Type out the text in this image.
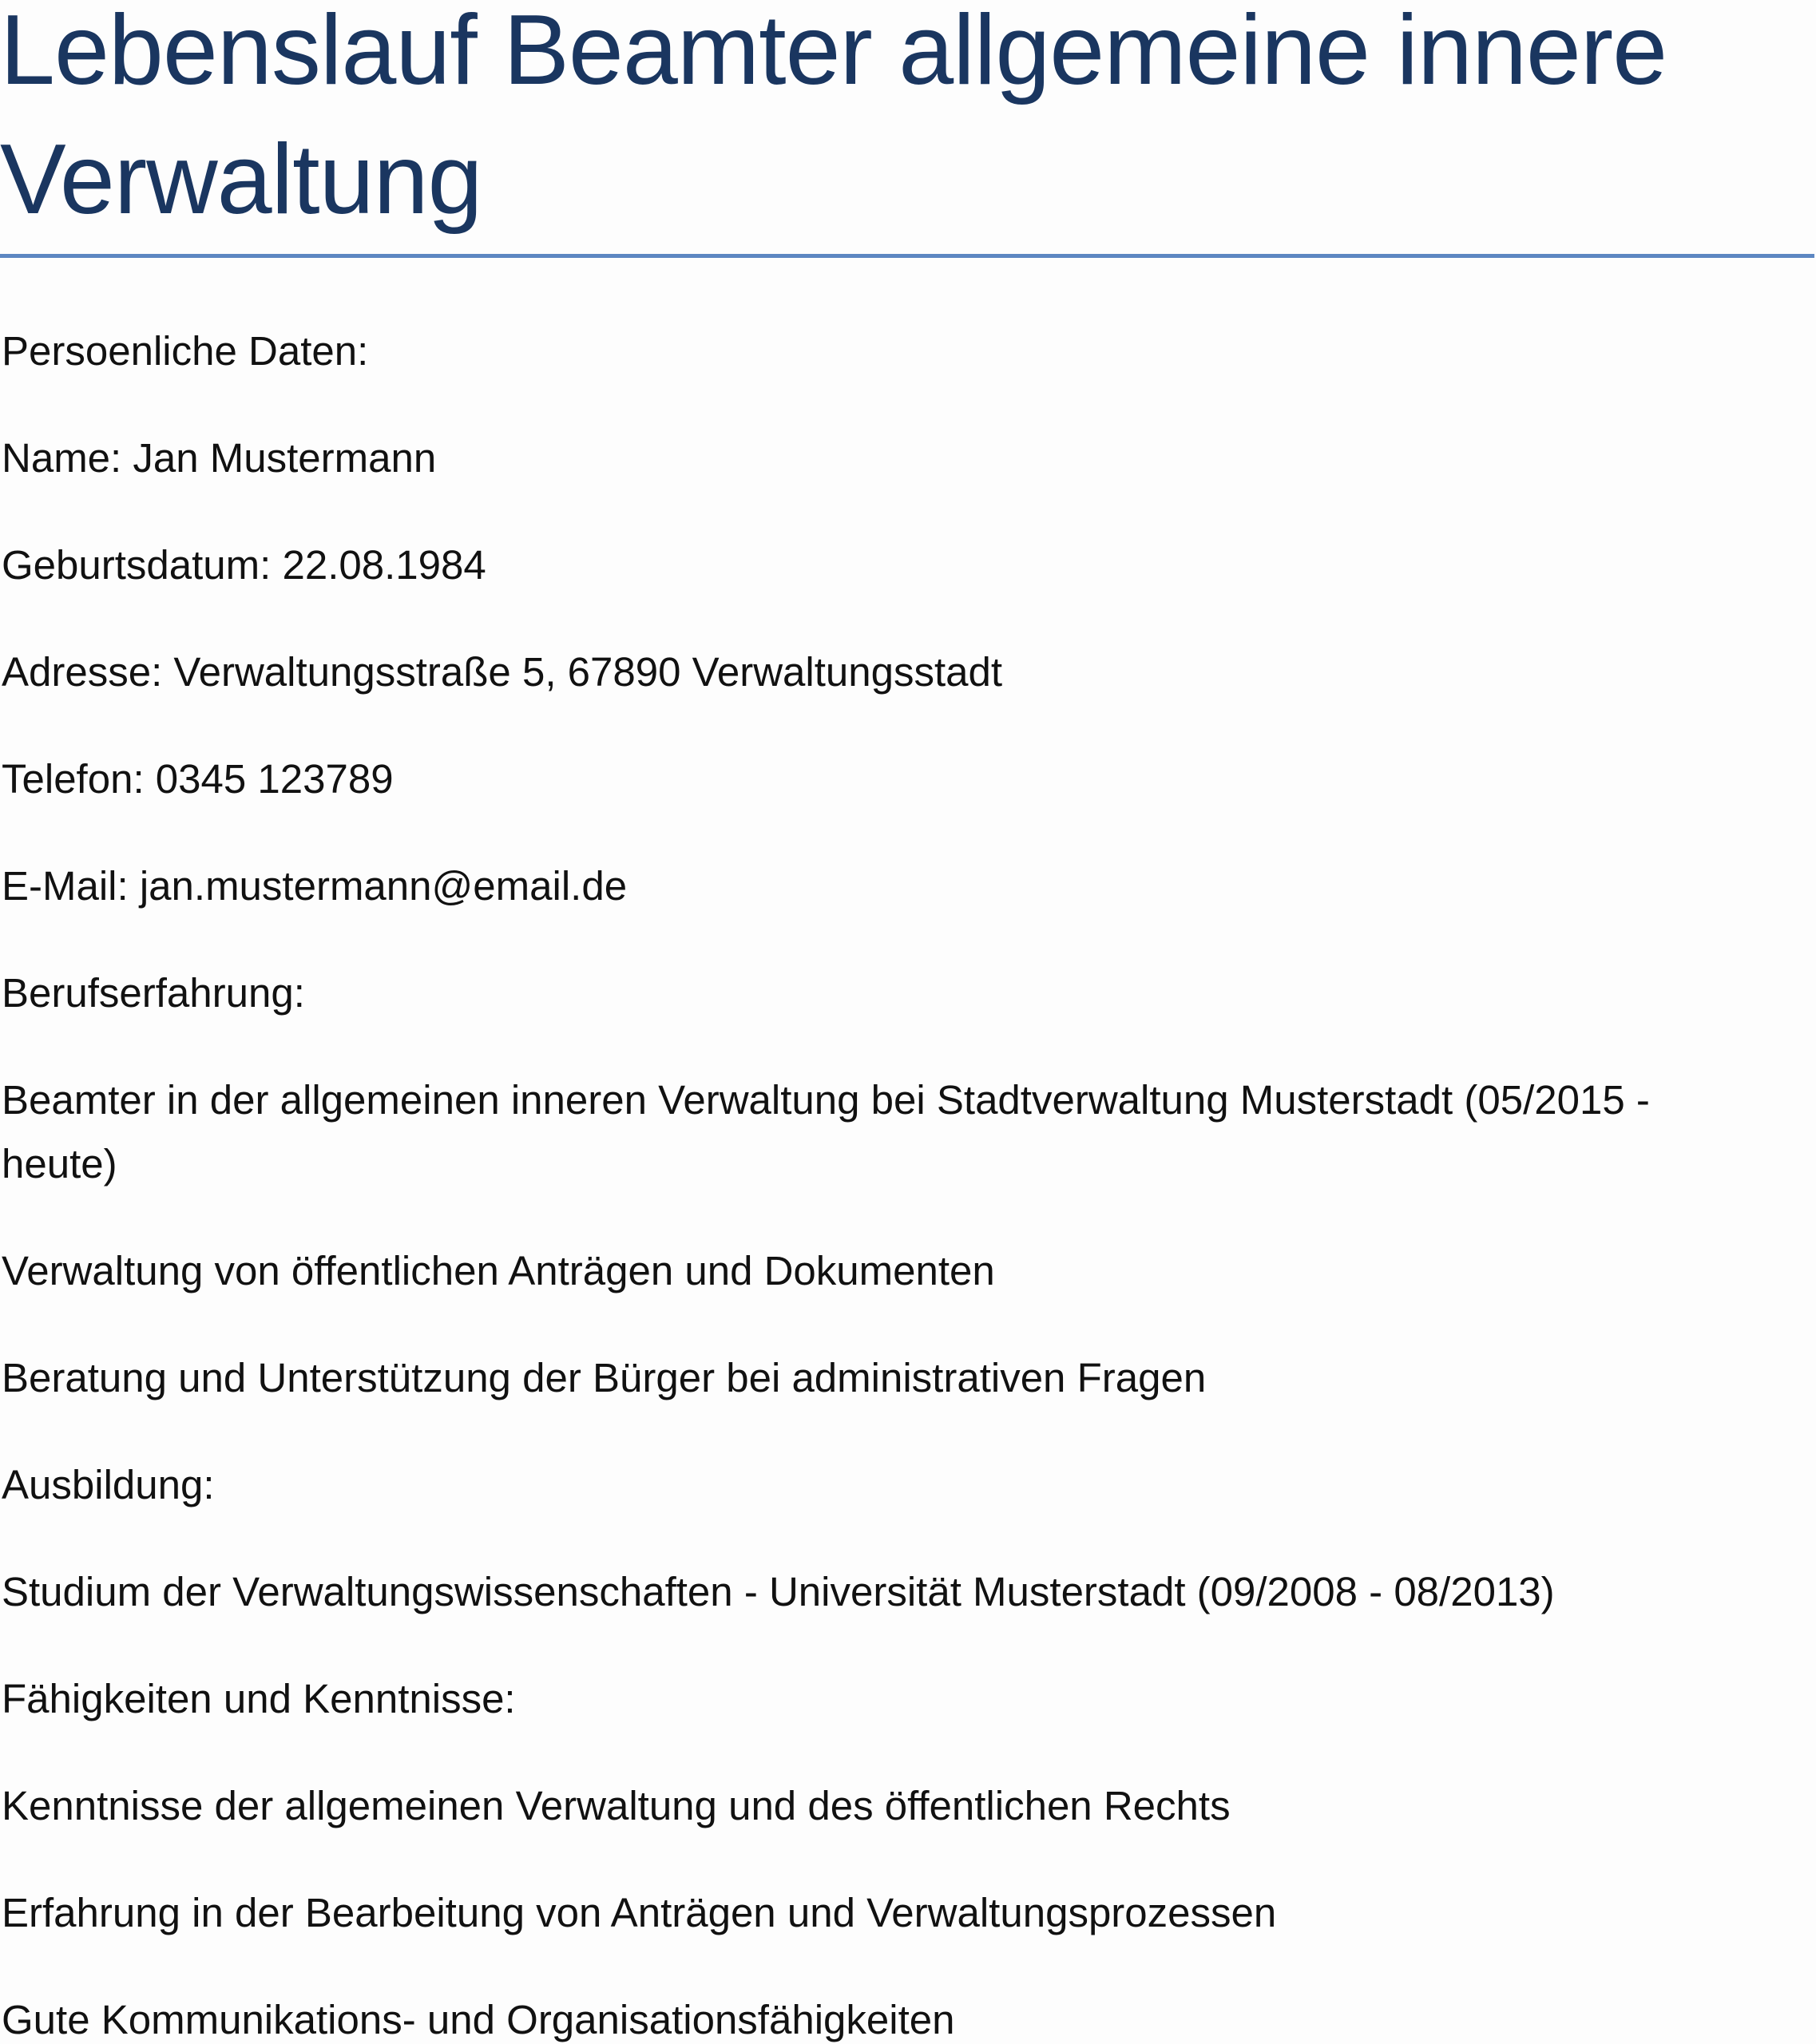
Lebenslauf Beamter allgemeine innere Verwaltung
Persoenliche Daten:
Name: Jan Mustermann
Geburtsdatum: 22.08.1984
Adresse: Verwaltungsstraße 5, 67890 Verwaltungsstadt
Telefon: 0345 123789
E-Mail: jan.mustermann@email.de
Berufserfahrung:
Beamter in der allgemeinen inneren Verwaltung bei Stadtverwaltung Musterstadt (05/2015 - heute)
Verwaltung von öffentlichen Anträgen und Dokumenten
Beratung und Unterstützung der Bürger bei administrativen Fragen
Ausbildung:
Studium der Verwaltungswissenschaften - Universität Musterstadt (09/2008 - 08/2013)
Fähigkeiten und Kenntnisse:
Kenntnisse der allgemeinen Verwaltung und des öffentlichen Rechts
Erfahrung in der Bearbeitung von Anträgen und Verwaltungsprozessen
Gute Kommunikations- und Organisationsfähigkeiten
